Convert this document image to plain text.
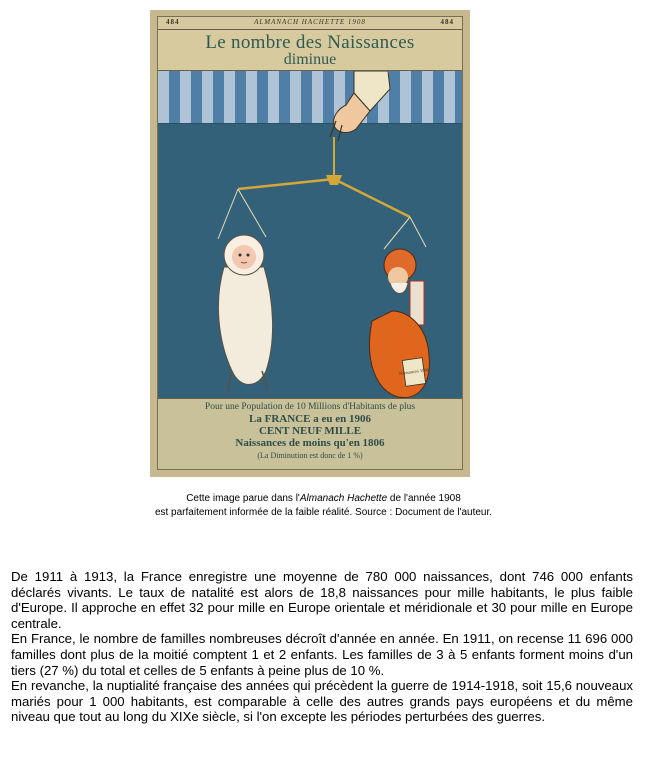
484	ALMANACH HACHETTE 1908	484
Le nombre des Naissances
diminue
Naissances 1906
Pour une Population de 10 Millions d'Habitants de plus
La FRANCE a eu en 1906
CENT NEUF MILLE
Naissances de moins qu'en 1806
(La Diminution est donc de 1 %)
Cette image parue dans l'Almanach Hachette de l'année 1908
est parfaitement informée de la faible réalité. Source : Document de l'auteur.

De 1911 à 1913, la France enregistre une moyenne de 780 000 naissances, dont 746 000 enfants déclarés vivants. Le taux de natalité est alors de 18,8 naissances pour mille habitants, le plus faible d'Europe. Il approche en effet 32 pour mille en Europe orientale et méridionale et 30 pour mille en Europe centrale.

En France, le nombre de familles nombreuses décroît d'année en année. En 1911, on recense 11 696 000 familles dont plus de la moitié comptent 1 et 2 enfants. Les familles de 3 à 5 enfants forment moins d'un tiers (27 %) du total et celles de 5 enfants à peine plus de 10 %.

En revanche, la nuptialité française des années qui précèdent la guerre de 1914-1918, soit 15,6 nouveaux mariés pour 1 000 habitants, est comparable à celle des autres grands pays européens et du même niveau que tout au long du XIXe siècle, si l'on excepte les périodes perturbées des guerres.
